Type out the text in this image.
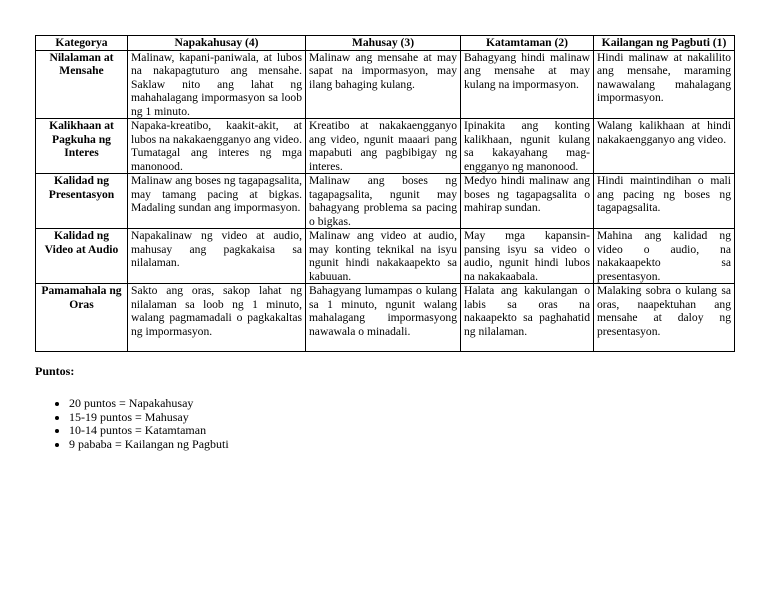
Kategorya	Napakahusay (4)	Mahusay (3)	Katamtaman (2)	Kailangan ng Pagbuti (1)
Nilalaman at Mensahe	Malinaw, kapani-paniwala, at lubos na nakapagtuturo ang mensahe. Saklaw nito ang lahat ng mahahalagang impormasyon sa loob ng 1 minuto.	Malinaw ang mensahe at may sapat na impormasyon, may ilang bahaging kulang.	Bahagyang hindi malinaw ang mensahe at may kulang na impormasyon.	Hindi malinaw at nakalilito ang mensahe, maraming nawawalang mahalagang impormasyon.
Kalikhaan at Pagkuha ng Interes	Napaka-kreatibo, kaakit-akit, at lubos na nakakaengganyo ang video. Tumatagal ang interes ng mga manonood.	Kreatibo at nakakaengganyo ang video, ngunit maaari pang mapabuti ang pagbibigay ng interes.	Ipinakita ang konting kalikhaan, ngunit kulang sa kakayahang mag-engganyo ng manonood.	Walang kalikhaan at hindi nakakaengganyo ang video.
Kalidad ng Presentasyon	Malinaw ang boses ng tagapagsalita, may tamang pacing at bigkas. Madaling sundan ang impormasyon.	Malinaw ang boses ng tagapagsalita, ngunit may bahagyang problema sa pacing o bigkas.	Medyo hindi malinaw ang boses ng tagapagsalita o mahirap sundan.	Hindi maintindihan o mali ang pacing ng boses ng tagapagsalita.
Kalidad ng Video at Audio	Napakalinaw ng video at audio, mahusay ang pagkakaisa sa nilalaman.	Malinaw ang video at audio, may konting teknikal na isyu ngunit hindi nakakaapekto sa kabuuan.	May mga kapansin-pansing isyu sa video o audio, ngunit hindi lubos na nakakaabala.	Mahina ang kalidad ng video o audio, na nakakaapekto sa presentasyon.
Pamamahala ng Oras	Sakto ang oras, sakop lahat ng nilalaman sa loob ng 1 minuto, walang pagmamadali o pagkakaltas ng impormasyon.	Bahagyang lumampas o kulang sa 1 minuto, ngunit walang mahalagang impormasyong nawawala o minadali.	Halata ang kakulangan o labis sa oras na nakaapekto sa paghahatid ng nilalaman.	Malaking sobra o kulang sa oras, naapektuhan ang mensahe at daloy ng presentasyon.
Puntos:
• 20 puntos = Napakahusay
• 15-19 puntos = Mahusay
• 10-14 puntos = Katamtaman
• 9 pababa = Kailangan ng Pagbuti
